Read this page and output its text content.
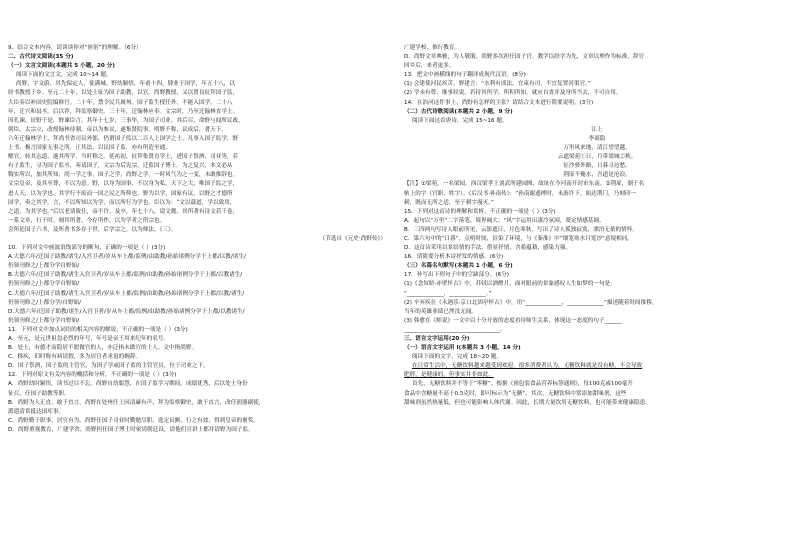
9、结合文本内容，请谈谈你对“匪躬”的理解。（6分）
二、古代诗文阅读(35 分)
（一）文言文阅读(本题共 5 小题，20 分)
阅读下面的文言文，完成 10~14 题。
尚野，字文蔚，其先保定人，徙满城。野幼颖悟，年甫十四，肄业于国学，年五十八，以
经书教授于乡。至元二十年，以处士征为国子助教，以官。尚野教授，又以贤良征拜国子监，
大臣奏以补国史院编修官。二十年，禁令民兵属州。国子监生授任外，不能入国学，二十八
年，迁兴和县丞。后以荐，拜监察御史。三十年，迁翰林应奉。文宗时，乃至迁翰林直学士。
因孔谏，征野于是，野谏臣言。其年十七岁，三事毕。为国子司业。其后召，命野与闻所议政，
朝臣。太宗立，改授翰林待制，帝以为参议，遂集贤院事。明野不称，议成后，著天下，
六年迁翰林学士，拜尚书省司员外郎，仍谓国子监以二百人上国学之士。凡事入国子监学，野
上书，极言国家无事之所，正其法，以议国子监，亦有所造至通。
解官，转其志道，遂其所学，当时称之。延祐初，征拜集贤直学士，进国子祭酒、司业等，若
有子监生，寻为国子监丞，奏请国子，文宗为后宪宗，迁监国子博士。为之复兴，本文必从
鞫实所以，加其所知，尚一学之事，国子之学，尚野之学。一时风气为之一变，未敢推辞也。
文宗皇帝，及其至尊，不以为意。野，以身为国事，不以身为私，天下之大，唯国子监之学，
进人天，以为学也。其学行不废而一国之民之所仰也。野为以学，国家有议，以野之才德所
国学，奏之其学。言，不以所知以为学，而以所行为学也。臣以为：“文以载道，学以致用，
之道，为其学也。”后以老请致仕，帝不许。及卒，年七十八，谥文懿。其所著有诗文若干卷，
一系文章，行于时。刻其所著，今存所作，以为学者之所宗也。
会所论国子六书，及所著书多存于世，后学宗之，以为师法，《三》。
（节选自《元史·尚野传》）
10．下列对文中画波浪线部分的断句，正确的一项是（ ）(3分)
A.大德六年/迁国子助教/诸生/入宫卫者/岁从车上都/监例/由助教/孙始诸例分学于上都/以教/诸生/
仍领刊修之/上都分学自野始/
B.大德六年/迁国子助教/诸生入宫卫者/岁从车上都/监例/由助教/孙始诸例分学于上都/以教诸生/
仍领刊修之/上都分学自野始/
C.大德六年/迁国子助教/诸生入宫卫者/岁从车上都/监例/由助教/孙始诸例分学于上都/以教/诸生/
仍领刊修之/上都分学/自野始/
D.大德六年/迁国子助教/诸生/入宫卫者/岁从车上都/监例/由助教/孙始诸例分学于上都/以教诸生/
仍领刊修之/上都分学自野始/
11．下列对文中加点词语的相关内容的解说，不正确的一项是（ ）(3分)
A．至元，是元世祖忽必烈的年号，年号是帝王用来纪年的名号。
B．处士，有德才而隐居不愿做官的人，亦泛指未做官的士人。文中指尚野。
C．移疾，旧时称有病请假，多为居官者求退的婉辞。
D．国子祭酒，国子监的主管官，为国子学或国子监的主管官员，位于司业之下。
12．下列对原文有关内容的概括和分析，不正确的一项是（ ）(3分)
A．尚野幼时颖悟，读书过目不忘。尚野自幼聪慧，在国子监学习期间，成绩优秀，后以处士身份
征召，任国子助教等职。
B．尚野为人正直，敢于直言。尚野在处州任上因清廉有声，拜为监察御史，敢于直言，改任润器副使，
派遣清赏抵达国库事。
C．尚野勤于职事，居官有为。尚野任国子司业时勤勉尽职，选定员额，行之有效，得到皇帝的褒奖。
D．尚野重视教育，广建学舍。尚野担任国子博士时密请朝廷设，请他们宣讲上都并请野为国子监。
广建学校，推行教育。
D．尚野文章典雅，为人敬服。尚野多次担任国子官。教学以经学为先，文章以理作为标准，辞官
回乡后，来者更多。
13．把文中画横线的句子翻译成现代汉语。(8分)
(1) 会建使河民疾苦，野建言：“水利有成法，宜束有司，不宜复置河渠官。”
(2) 学未有尊，继事经说，若持其所学，所积所知，就应自省并及身所当去，不可自用。
14．在治河这件事上，尚野有怎样的主张？请结合文本进行简要说明。(3分)
（二）古代诗歌阅读(本题共 2 小题，9 分)
阅读下面这首唐诗，完成 15~16 题。
江上
李商隐
万里风来地，清江望望越。
云遮梁苑①日，月带梁城②秋。
征沙驿外路，日暮寻边愁。
荆扉不掩水，吾道是沧浪。
【注】①梁苑，一名梁园，西汉梁孝王刘武所建园囿，故址在今河南开封市东南。②荆扉，制于名
帖上的字（官职、姓字）。《后汉书·孙南传》：“孙南谢遗稗时，未游许下，始达荆门，乃刻印一
刺，既而无所之适，至于刺字漫灭。”
15．下列对这首诗的理解和赏析，不正确的一项是（ ）(3分)
A．起句以“万里”二字落笔，境界阔大；“风”字运用出凄冷氛围，奠定情感基调。
B．三四两句写诗人眼前所见，云影遮日，月色寒秋，写出了诗人孤独寂寞、漂泊无依的情怀。
C．第六句中的“日暮”，点明时间，渲染了环境，与《秦淮》中“烟笼寒水月笼沙”意境相同。
D．这首诗采用以景结情的手法，借景抒情，含蓄蕴藉，感染力强。
16．请简要分析本诗抒发的情感。(6分)
（三）名篇名句默写(本题共 1 小题，6 分)
17．补写出下列句子中的空缺部分。(6分)
(1)《念奴娇·赤壁怀古》中，苏轼以酒酹月，面对眼前的景象感叹人生如梦的一句是：
“_____________，_____________。”
(2) 辛弃疾在《永遇乐·京口北固亭怀古》中，用“_____________，_____________”描述随着时间推移，
当年的英雄业绩已湮没无闻。
(3) 韩愈在《师说》一文中以十分开放的态度看待师生关系，体现这一态度的句子______
__________________________________。
三、语言文字运用(20 分)
（一）语言文字运用 I(本题共 3 小题，14 分)
阅读下面的文字，完成 18~20 题。
在日常生活中，无糖饮料越来越受到欢迎。很多消费者认为，无糖饮料就是没有糖，不会导致
肥胖，是健康的，但事实并非如此。
首先，无糖饮料并不等于“零糖”。根据《预包装食品营养标签通则》，每100克或100毫升
食品中含糖量不高于0.5克时，即可标示为“无糖”。其次，无糖饮料中常添加甜味剂，这些
甜味剂虽然热量低，但也可能影响人体代谢。因此，长期大量饮用无糖饮料，也可能带来健康隐患。
